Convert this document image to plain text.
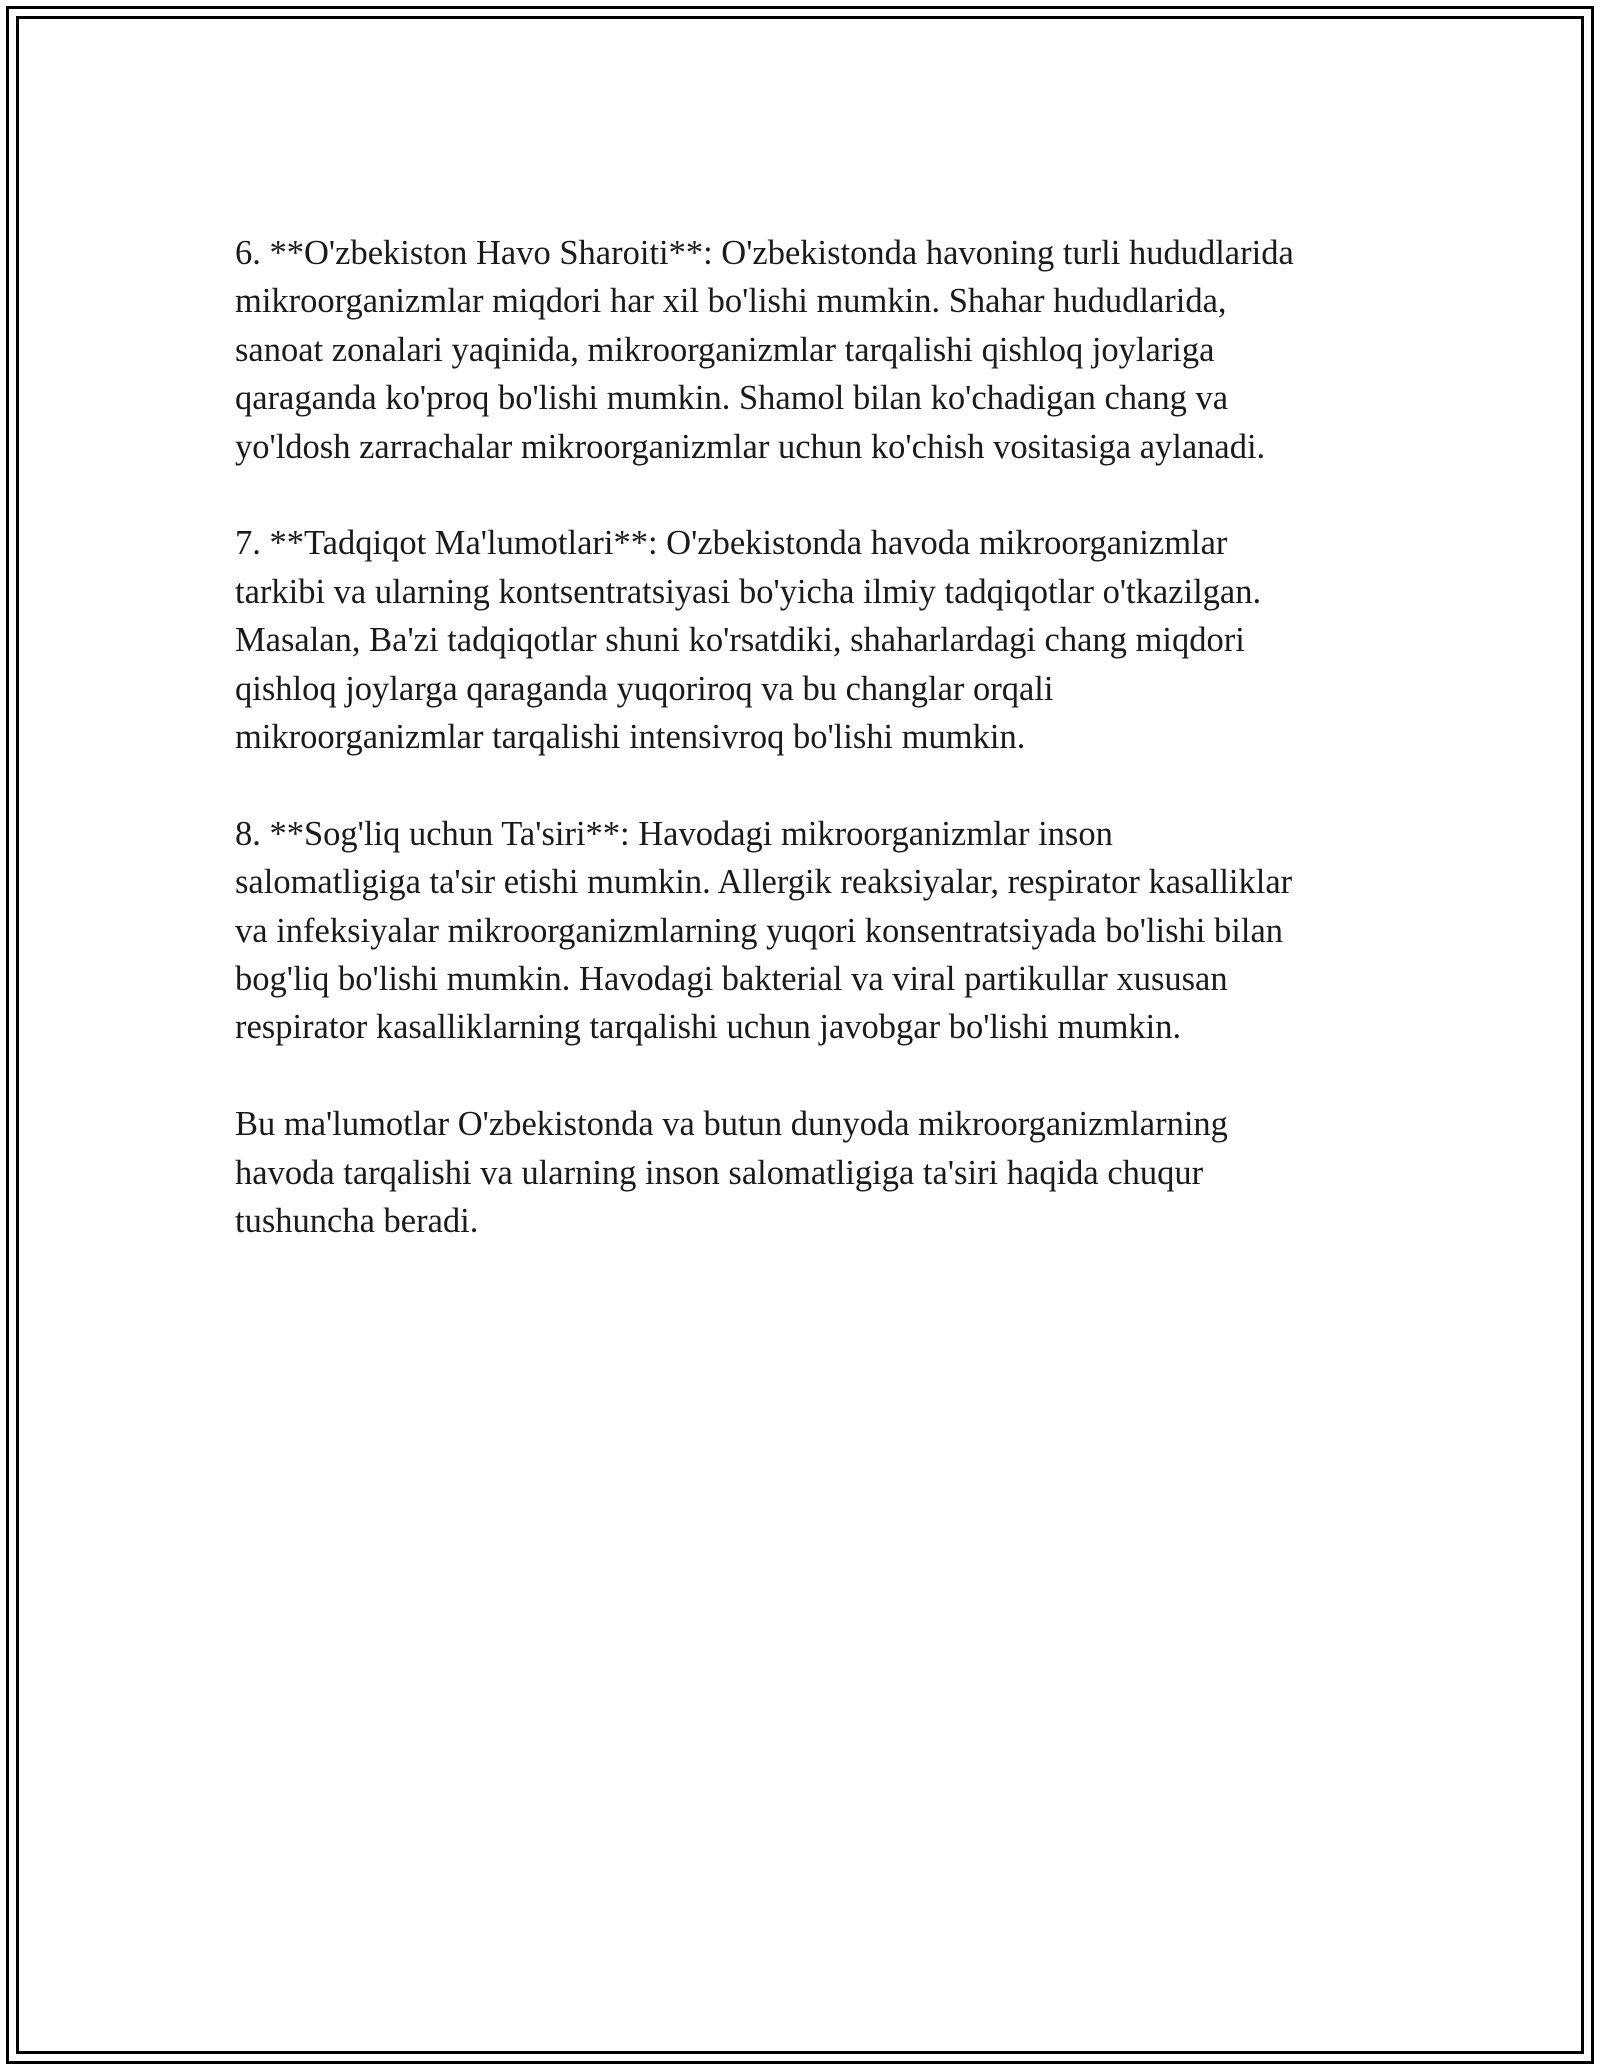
6. **O'zbekiston Havo Sharoiti**: O'zbekistonda havoning turli hududlarida
mikroorganizmlar miqdori har xil bo'lishi mumkin. Shahar hududlarida,
sanoat zonalari yaqinida, mikroorganizmlar tarqalishi qishloq joylariga
qaraganda ko'proq bo'lishi mumkin. Shamol bilan ko'chadigan chang va
yo'ldosh zarrachalar mikroorganizmlar uchun ko'chish vositasiga aylanadi.

7. **Tadqiqot Ma'lumotlari**: O'zbekistonda havoda mikroorganizmlar
tarkibi va ularning kontsentratsiyasi bo'yicha ilmiy tadqiqotlar o'tkazilgan.
Masalan, Ba'zi tadqiqotlar shuni ko'rsatdiki, shaharlardagi chang miqdori
qishloq joylarga qaraganda yuqoriroq va bu changlar orqali
mikroorganizmlar tarqalishi intensivroq bo'lishi mumkin.

8. **Sog'liq uchun Ta'siri**: Havodagi mikroorganizmlar inson
salomatligiga ta'sir etishi mumkin. Allergik reaksiyalar, respirator kasalliklar
va infeksiyalar mikroorganizmlarning yuqori konsentratsiyada bo'lishi bilan
bog'liq bo'lishi mumkin. Havodagi bakterial va viral partikullar xususan
respirator kasalliklarning tarqalishi uchun javobgar bo'lishi mumkin.

Bu ma'lumotlar O'zbekistonda va butun dunyoda mikroorganizmlarning
havoda tarqalishi va ularning inson salomatligiga ta'siri haqida chuqur
tushuncha beradi.
